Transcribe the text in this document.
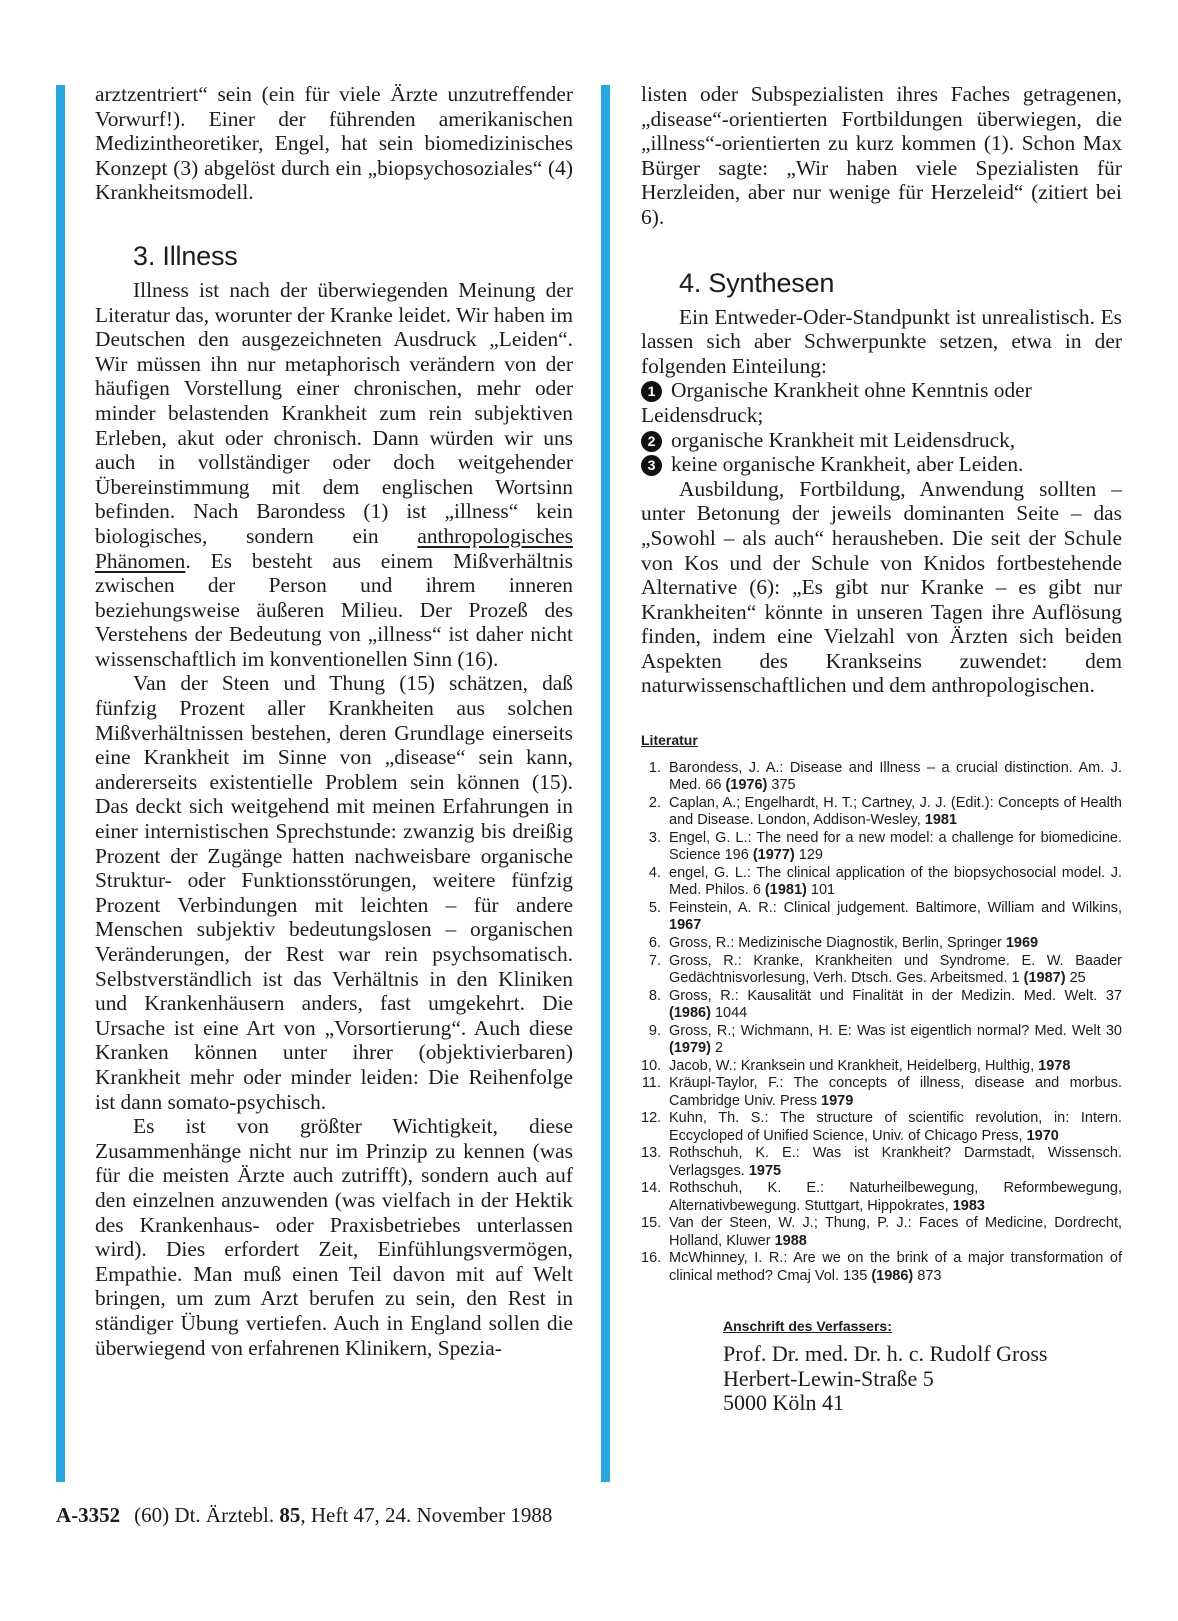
arztzentriert“ sein (ein für viele Ärzte unzutreffender Vorwurf!). Einer der führenden amerikanischen Medizintheoretiker, Engel, hat sein biomedizinisches Konzept (3) abgelöst durch ein „biopsychosoziales“ (4) Krankheitsmodell.

3. Illness

Illness ist nach der überwiegenden Meinung der Literatur das, worunter der Kranke leidet. Wir haben im Deutschen den ausgezeichneten Ausdruck „Leiden“. Wir müssen ihn nur metaphorisch verändern von der häufigen Vorstellung einer chronischen, mehr oder minder belastenden Krankheit zum rein subjektiven Erleben, akut oder chronisch. Dann würden wir uns auch in vollständiger oder doch weitgehender Übereinstimmung mit dem englischen Wortsinn befinden. Nach Barondess (1) ist „illness“ kein biologisches, sondern ein anthropologisches Phänomen. Es besteht aus einem Mißverhältnis zwischen der Person und ihrem inneren beziehungsweise äußeren Milieu. Der Prozeß des Verstehens der Bedeutung von „illness“ ist daher nicht wissenschaftlich im konventionellen Sinn (16).

Van der Steen und Thung (15) schätzen, daß fünfzig Prozent aller Krankheiten aus solchen Mißverhältnissen bestehen, deren Grundlage einerseits eine Krankheit im Sinne von „disease“ sein kann, andererseits existentielle Problem sein können (15). Das deckt sich weitgehend mit meinen Erfahrungen in einer internistischen Sprechstunde: zwanzig bis dreißig Prozent der Zugänge hatten nachweisbare organische Struktur- oder Funktionsstörungen, weitere fünfzig Prozent Verbindungen mit leichten – für andere Menschen subjektiv bedeutungslosen – organischen Veränderungen, der Rest war rein psychsomatisch. Selbstverständlich ist das Verhältnis in den Kliniken und Krankenhäusern anders, fast umgekehrt. Die Ursache ist eine Art von „Vorsortierung“. Auch diese Kranken können unter ihrer (objektivierbaren) Krankheit mehr oder minder leiden: Die Reihenfolge ist dann somato-psychisch.

Es ist von größter Wichtigkeit, diese Zusammenhänge nicht nur im Prinzip zu kennen (was für die meisten Ärzte auch zutrifft), sondern auch auf den einzelnen anzuwenden (was vielfach in der Hektik des Krankenhaus- oder Praxisbetriebes unterlassen wird). Dies erfordert Zeit, Einfühlungsvermögen, Empathie. Man muß einen Teil davon mit auf Welt bringen, um zum Arzt berufen zu sein, den Rest in ständiger Übung vertiefen. Auch in England sollen die überwiegend von erfahrenen Klinikern, Spezia-

listen oder Subspezialisten ihres Faches getragenen, „disease“-orientierten Fortbildungen überwiegen, die „illness“-orientierten zu kurz kommen (1). Schon Max Bürger sagte: „Wir haben viele Spezialisten für Herzleiden, aber nur wenige für Herzeleid“ (zitiert bei 6).

4. Synthesen

Ein Entweder-Oder-Standpunkt ist unrealistisch. Es lassen sich aber Schwerpunkte setzen, etwa in der folgenden Einteilung:

1 Organische Krankheit ohne Kenntnis oder Leidensdruck;
2 organische Krankheit mit Leidensdruck,
3 keine organische Krankheit, aber Leiden.

Ausbildung, Fortbildung, Anwendung sollten – unter Betonung der jeweils dominanten Seite – das „Sowohl – als auch“ herausheben. Die seit der Schule von Kos und der Schule von Knidos fortbestehende Alternative (6): „Es gibt nur Kranke – es gibt nur Krankheiten“ könnte in unseren Tagen ihre Auflösung finden, indem eine Vielzahl von Ärzten sich beiden Aspekten des Krankseins zuwendet: dem naturwissenschaftlichen und dem anthropologischen.

Literatur
1. Barondess, J. A.: Disease and Illness – a crucial distinction. Am. J. Med. 66 (1976) 375
2. Caplan, A.; Engelhardt, H. T.; Cartney, J. J. (Edit.): Concepts of Health and Disease. London, Addison-Wesley, 1981
3. Engel, G. L.: The need for a new model: a challenge for biomedicine. Science 196 (1977) 129
4. engel, G. L.: The clinical application of the biopsychosocial model. J. Med. Philos. 6 (1981) 101
5. Feinstein, A. R.: Clinical judgement. Baltimore, William and Wilkins, 1967
6. Gross, R.: Medizinische Diagnostik, Berlin, Springer 1969
7. Gross, R.: Kranke, Krankheiten und Syndrome. E. W. Baader Gedächtnisvorlesung, Verh. Dtsch. Ges. Arbeitsmed. 1 (1987) 25
8. Gross, R.: Kausalität und Finalität in der Medizin. Med. Welt. 37 (1986) 1044
9. Gross, R.; Wichmann, H. E: Was ist eigentlich normal? Med. Welt 30 (1979) 2
10. Jacob, W.: Kranksein und Krankheit, Heidelberg, Hulthig, 1978
11. Kräupl-Taylor, F.: The concepts of illness, disease and morbus. Cambridge Univ. Press 1979
12. Kuhn, Th. S.: The structure of scientific revolution, in: Intern. Eccycloped of Unified Science, Univ. of Chicago Press, 1970
13. Rothschuh, K. E.: Was ist Krankheit? Darmstadt, Wissensch. Verlagsges. 1975
14. Rothschuh, K. E.: Naturheilbewegung, Reformbewegung, Alternativbewegung. Stuttgart, Hippokrates, 1983
15. Van der Steen, W. J.; Thung, P. J.: Faces of Medicine, Dordrecht, Holland, Kluwer 1988
16. McWhinney, I. R.: Are we on the brink of a major transformation of clinical method? Cmaj Vol. 135 (1986) 873
Anschrift des Verfassers:
Prof. Dr. med. Dr. h. c. Rudolf Gross
Herbert-Lewin-Straße 5
5000 Köln 41
A-3352 (60) Dt. Ärztebl. 85, Heft 47, 24. November 1988
